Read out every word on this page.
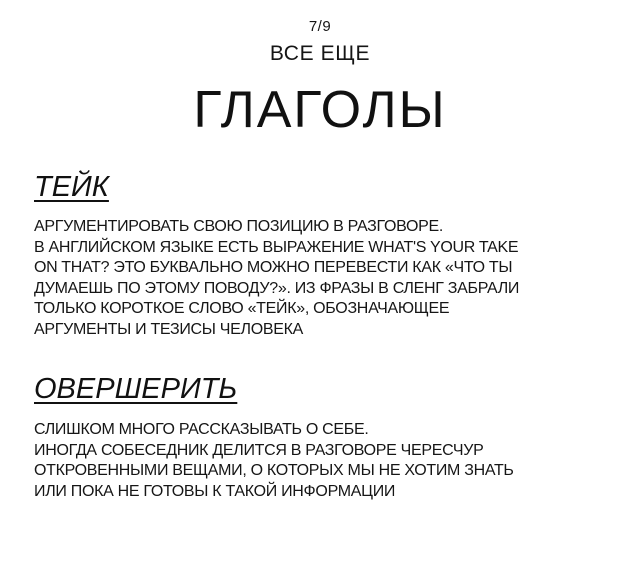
7/9
ВСЕ ЕЩЕ
ГЛАГОЛЫ
ТЕЙК

АРГУМЕНТИРОВАТЬ СВОЮ ПОЗИЦИЮ В РАЗГОВОРЕ.
В АНГЛИЙСКОМ ЯЗЫКЕ ЕСТЬ ВЫРАЖЕНИЕ WHAT'S YOUR TAKE
ON THAT? ЭТО БУКВАЛЬНО МОЖНО ПЕРЕВЕСТИ КАК «ЧТО ТЫ
ДУМАЕШЬ ПО ЭТОМУ ПОВОДУ?». ИЗ ФРАЗЫ В СЛЕНГ ЗАБРАЛИ
ТОЛЬКО КОРОТКОЕ СЛОВО «ТЕЙК», ОБОЗНАЧАЮЩЕЕ
АРГУМЕНТЫ И ТЕЗИСЫ ЧЕЛОВЕКА

ОВЕРШЕРИТЬ

СЛИШКОМ МНОГО РАССКАЗЫВАТЬ О СЕБЕ.
ИНОГДА СОБЕСЕДНИК ДЕЛИТСЯ В РАЗГОВОРЕ ЧЕРЕСЧУР
ОТКРОВЕННЫМИ ВЕЩАМИ, О КОТОРЫХ МЫ НЕ ХОТИМ ЗНАТЬ
ИЛИ ПОКА НЕ ГОТОВЫ К ТАКОЙ ИНФОРМАЦИИ
